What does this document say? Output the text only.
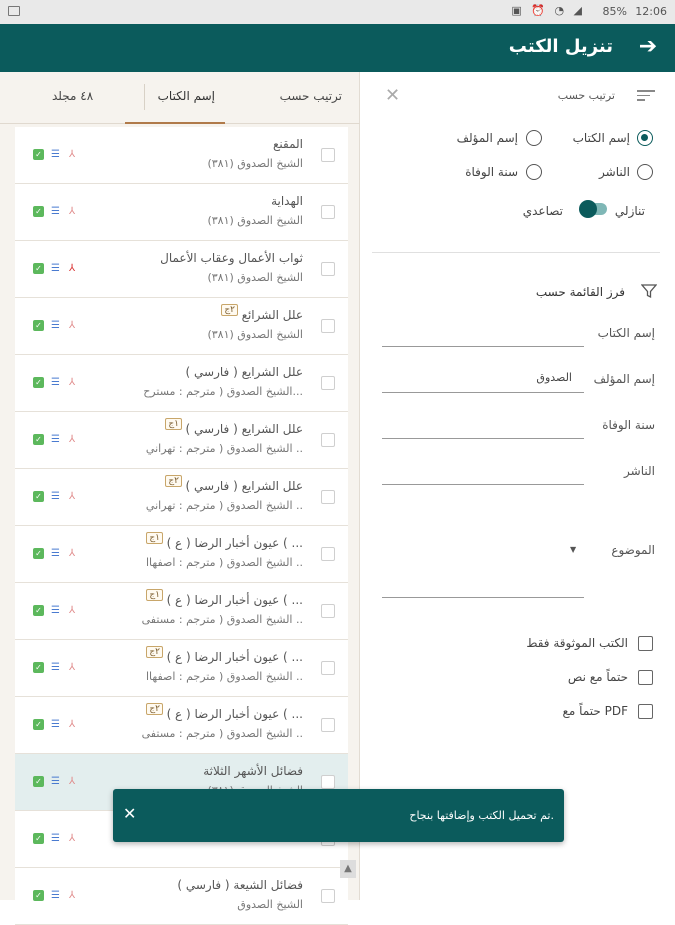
▣ ⏰ ◔ ◢ 85% 12:06
➔
تنزيل الكتب
ترتيب حسب
إسم الكتاب
٤٨ مجلد
المقنع
الشيخ الصدوق (٣٨١)
✓ ☰ ⅄
الهداية
الشيخ الصدوق (٣٨١)
✓ ☰ ⅄
ثواب الأعمال وعقاب الأعمال
الشيخ الصدوق (٣٨١)
✓ ☰ ⅄
علل الشرائع
الشيخ الصدوق (٣٨١)
✓ ☰ ⅄
٢ج
علل الشرايع ( فارسي )
الشيخ الصدوق ( مترجم : مسترح...
✓ ☰ ⅄
علل الشرايع ( فارسي )
الشيخ الصدوق ( مترجم : تهراني ..
✓ ☰ ⅄
١ج
علل الشرايع ( فارسي )
الشيخ الصدوق ( مترجم : تهراني ..
✓ ☰ ⅄
٢ج
عيون أخبار الرضا ( ع ) ( ...
الشيخ الصدوق ( مترجم : اصفهاا ..
✓ ☰ ⅄
١ج
عيون أخبار الرضا ( ع ) ( ...
الشيخ الصدوق ( مترجم : مستفى ..
✓ ☰ ⅄
١ج
عيون أخبار الرضا ( ع ) ( ...
الشيخ الصدوق ( مترجم : اصفهاا ..
✓ ☰ ⅄
٢ج
عيون أخبار الرضا ( ع ) ( ...
الشيخ الصدوق ( مترجم : مستفى ..
✓ ☰ ⅄
٢ج
فضائل الأشهر الثلاثة
✓ ☰ ⅄
✓ ☰ ⅄
فضائل الشيعة ( فارسي )
الشيخ الصدوق
✓ ☰ ⅄
▲
ترتيب حسب
✕
إسم الكتاب
إسم المؤلف
الناشر
سنة الوفاة
تنازلي
تصاعدي
فرز القائمة حسب
إسم الكتاب
إسم المؤلف
الصدوق
سنة الوفاة
الناشر
الموضوع
▼
الكتب الموثوقة فقط
حتماً مع نص
حتماً مع PDF
✕	تم تحميل الكتب وإضافتها بنجاح.
